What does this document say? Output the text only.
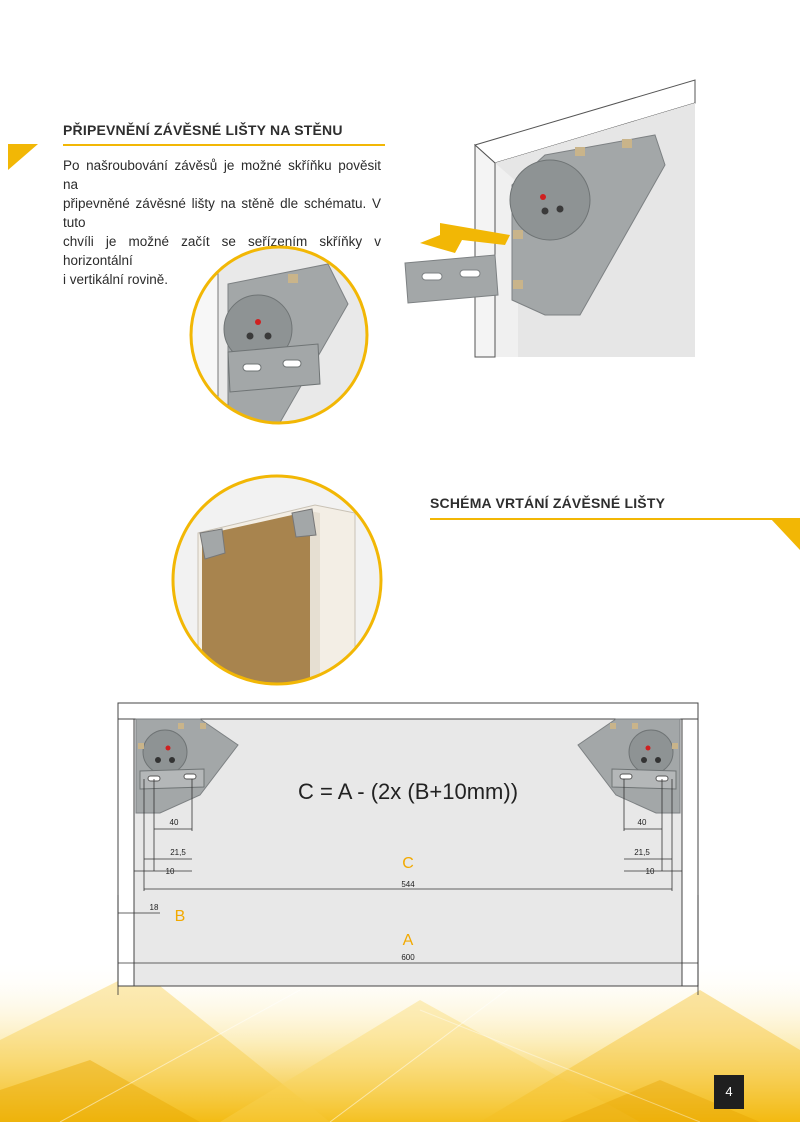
PŘIPEVNĚNÍ ZÁVĚSNÉ LIŠTY NA STĚNU
Po našroubování závěsů je možné skříňku pověsit na
připevněné závěsné lišty na stěně dle schématu. V tuto
chvíli je možné začít se seřízením skříňky v horizontální
i vertikální rovině.
SCHÉMA VRTÁNÍ ZÁVĚSNÉ LIŠTY
C = A - (2x (B+10mm))
40
21,5
10
40
21,5
10
544
18
600
C
B
A
4
